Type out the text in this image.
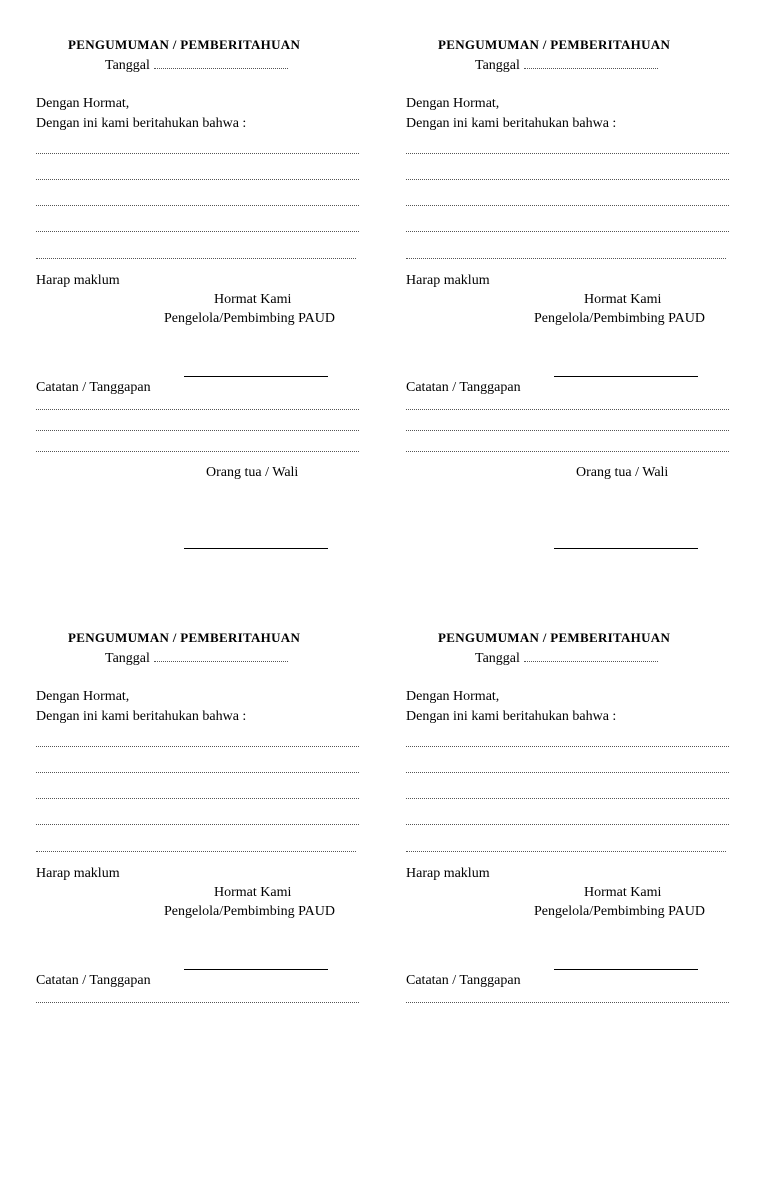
PENGUMUMAN / PEMBERITAHUAN
Tanggal

Dengan Hormat,

Dengan ini kami beritahukan bahwa :

Harap maklum

Hormat Kami

Pengelola/Pembimbing PAUD

Catatan / Tanggapan

Orang tua / Wali

PENGUMUMAN / PEMBERITAHUAN
Tanggal

Dengan Hormat,

Dengan ini kami beritahukan bahwa :

Harap maklum

Hormat Kami

Pengelola/Pembimbing PAUD

Catatan / Tanggapan

Orang tua / Wali

PENGUMUMAN / PEMBERITAHUAN
Tanggal

Dengan Hormat,

Dengan ini kami beritahukan bahwa :

Harap maklum

Hormat Kami

Pengelola/Pembimbing PAUD

Catatan / Tanggapan

PENGUMUMAN / PEMBERITAHUAN
Tanggal

Dengan Hormat,

Dengan ini kami beritahukan bahwa :

Harap maklum

Hormat Kami

Pengelola/Pembimbing PAUD

Catatan / Tanggapan
